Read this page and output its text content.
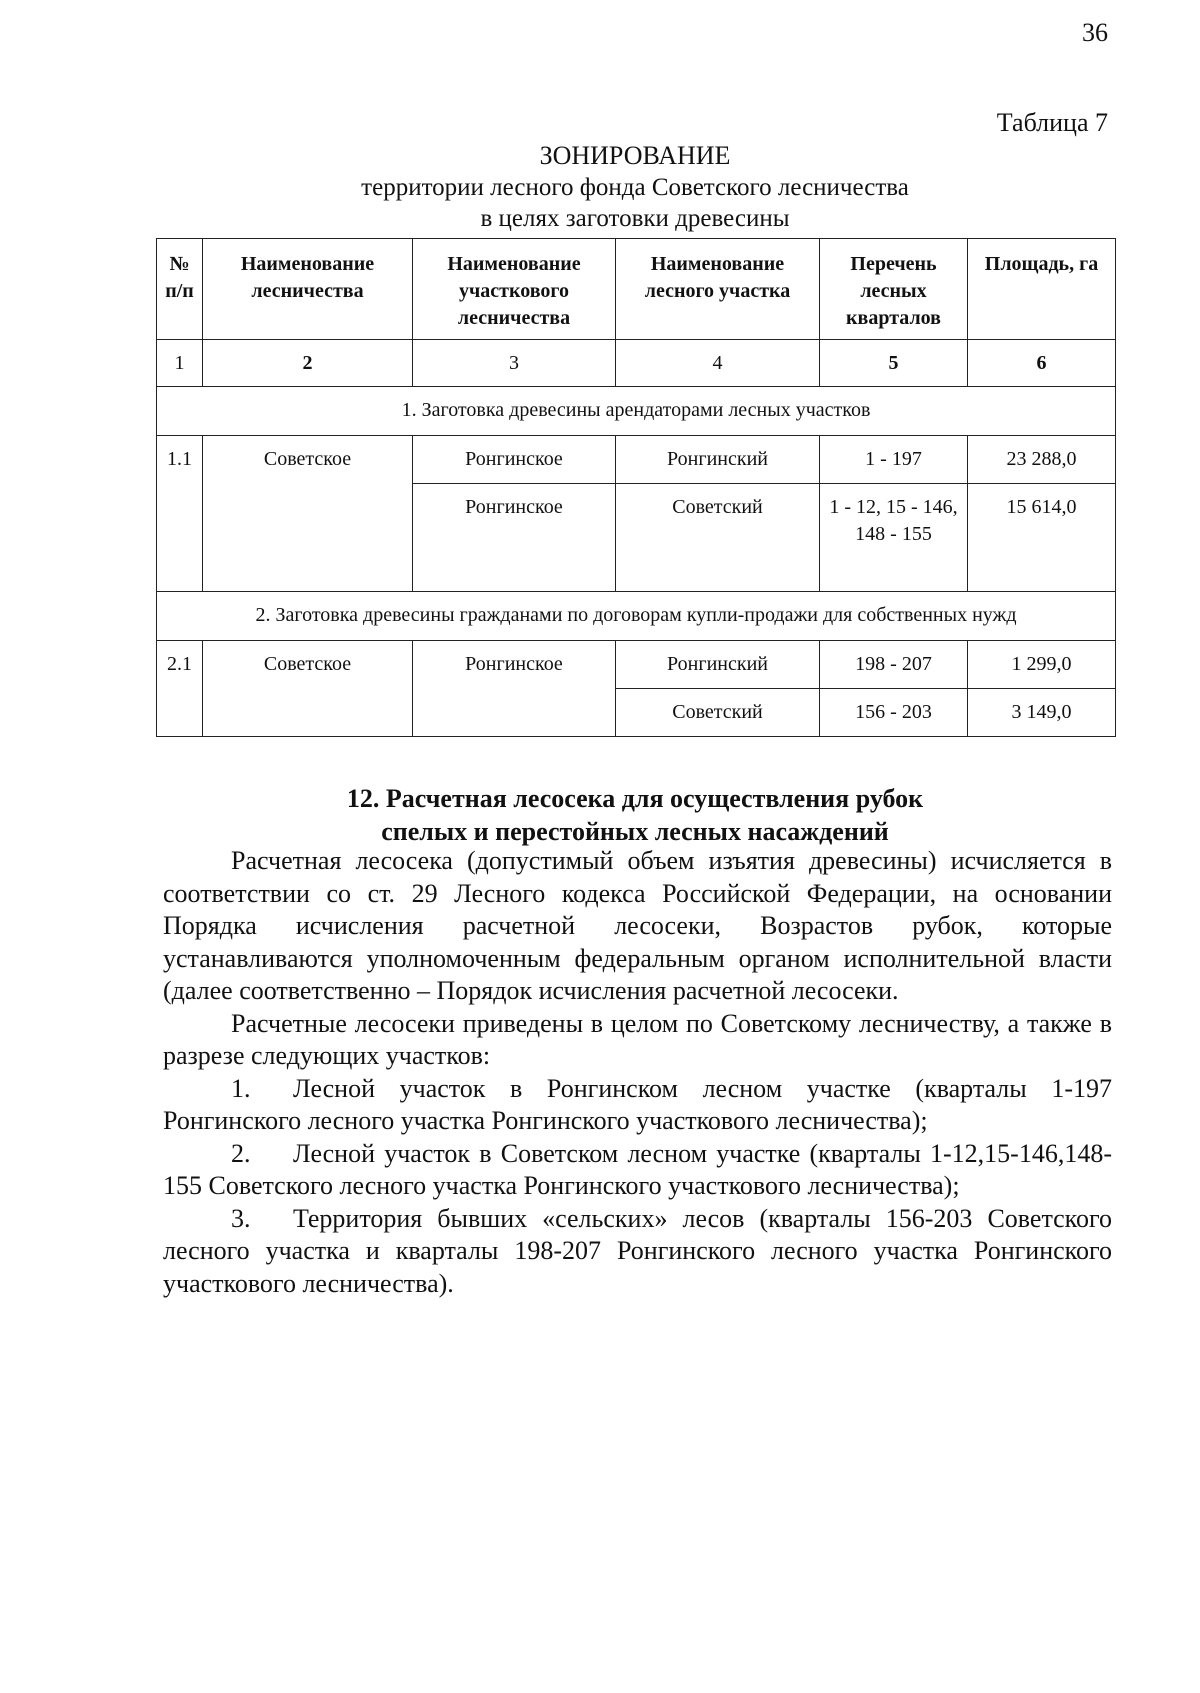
36
Таблица 7
ЗОНИРОВАНИЕ
территории лесного фонда Советского лесничества
в целях заготовки древесины
№ п/п	Наименование лесничества	Наименование участкового лесничества	Наименование лесного участка	Перечень лесных кварталов	Площадь, га
1	2	3	4	5	6
1. Заготовка древесины арендаторами лесных участков					
1.1	Советское	Ронгинское	Ронгинский	1 - 197	23 288,0
		Ронгинское	Советский	1 - 12, 15 - 146, 148 - 155	15 614,0
2. Заготовка древесины гражданами по договорам купли-продажи для собственных нужд					
2.1	Советское	Ронгинское	Ронгинский	198 - 207	1 299,0
			Советский	156 - 203	3 149,0
12. Расчетная лесосека для осуществления рубок
спелых и перестойных лесных насаждений

Расчетная лесосека (допустимый объем изъятия древесины) исчисляется в соответствии со ст. 29 Лесного кодекса Российской Федерации, на основании Порядка исчисления расчетной лесосеки, Возрастов рубок, которые устанавливаются уполномоченным федеральным органом исполнительной власти (далее соответственно – Порядок исчисления расчетной лесосеки.

Расчетные лесосеки приведены в целом по Советскому лесничеству, а также в разрезе следующих участков:

1. Лесной участок в Ронгинском лесном участке (кварталы 1-197 Ронгинского лесного участка Ронгинского участкового лесничества);

2. Лесной участок в Советском лесном участке (кварталы 1-12,15-146,148-155 Советского лесного участка Ронгинского участкового лесничества);

3. Территория бывших «сельских» лесов (кварталы 156-203 Советского лесного участка и кварталы 198-207 Ронгинского лесного участка Ронгинского участкового лесничества).
